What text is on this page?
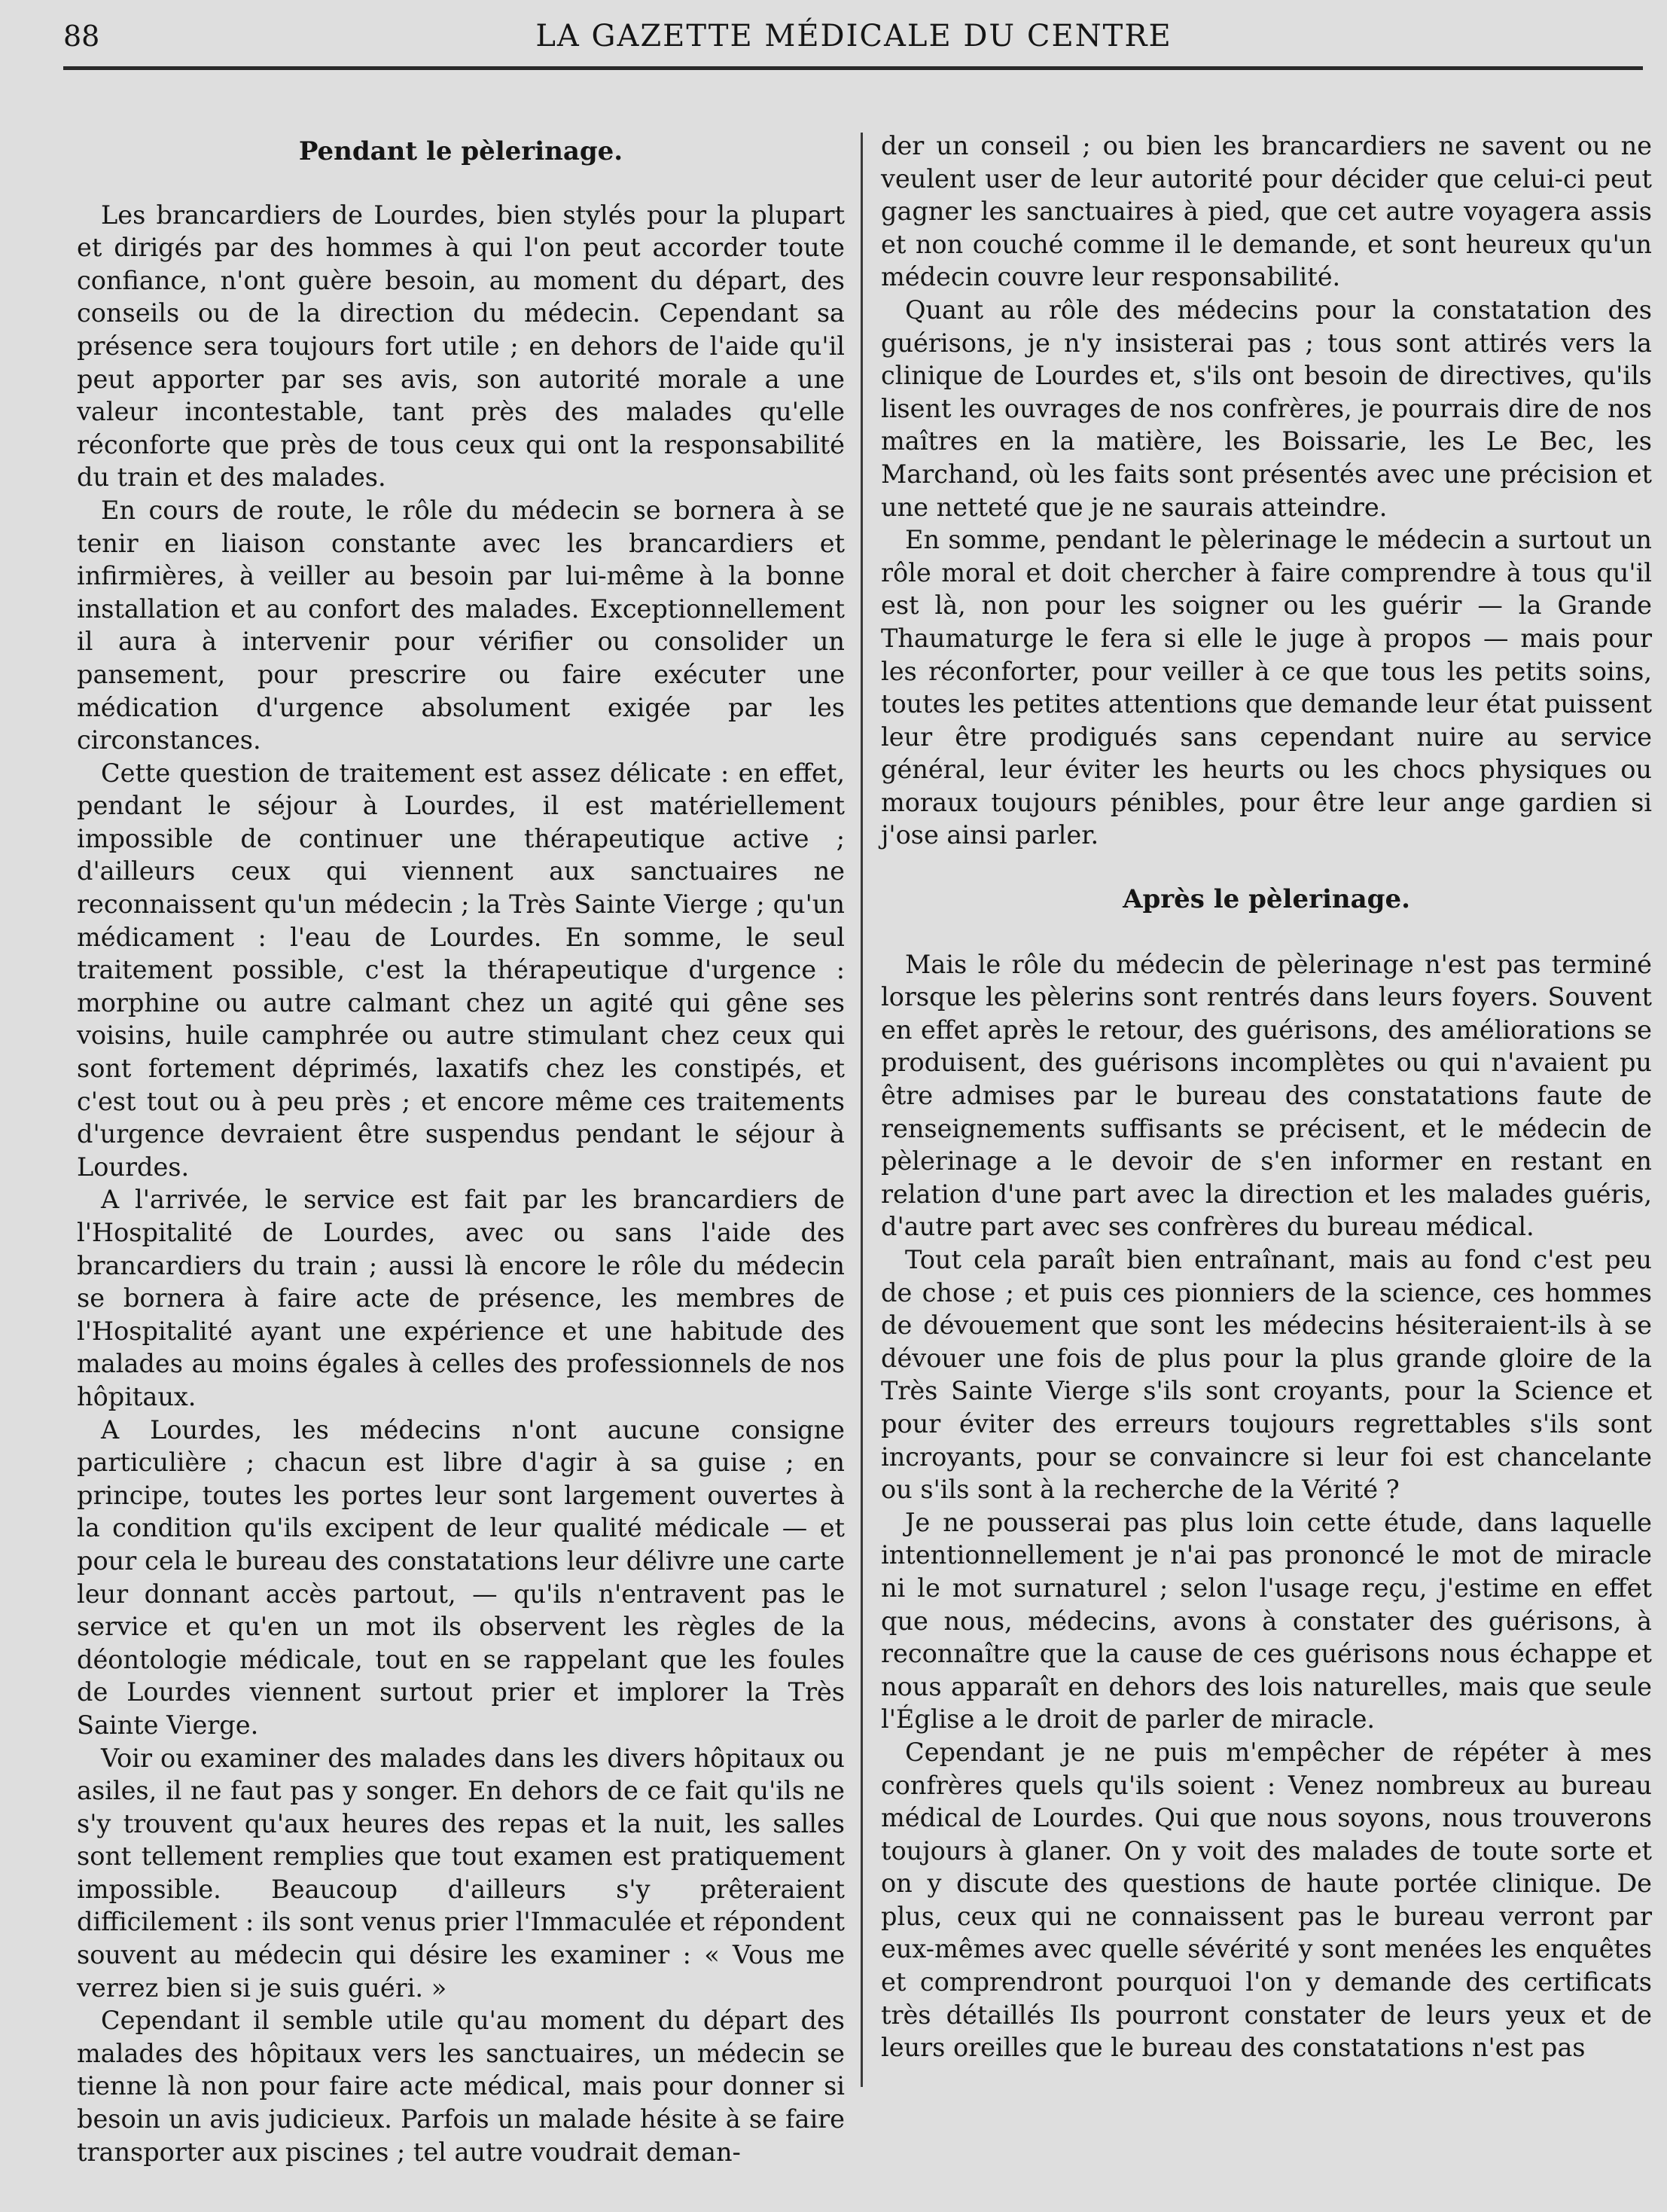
88	LA GAZETTE MÉDICALE DU CENTRE
Pendant le pèlerinage.

Les brancardiers de Lourdes, bien stylés pour la plupart et dirigés par des hommes à qui l'on peut accorder toute confiance, n'ont guère besoin, au moment du départ, des conseils ou de la direction du médecin. Cependant sa présence sera toujours fort utile ; en dehors de l'aide qu'il peut apporter par ses avis, son autorité morale a une valeur incontestable, tant près des malades qu'elle réconforte que près de tous ceux qui ont la responsabilité du train et des malades.

En cours de route, le rôle du médecin se bornera à se tenir en liaison constante avec les brancardiers et infirmières, à veiller au besoin par lui-même à la bonne installation et au confort des malades. Exceptionnellement il aura à intervenir pour vérifier ou consolider un pansement, pour prescrire ou faire exécuter une médication d'urgence absolument exigée par les circonstances.

Cette question de traitement est assez délicate : en effet, pendant le séjour à Lourdes, il est matériellement impossible de continuer une thérapeutique active ; d'ailleurs ceux qui viennent aux sanctuaires ne reconnaissent qu'un médecin ; la Très Sainte Vierge ; qu'un médicament : l'eau de Lourdes. En somme, le seul traitement possible, c'est la thérapeutique d'urgence : morphine ou autre calmant chez un agité qui gêne ses voisins, huile camphrée ou autre stimulant chez ceux qui sont fortement déprimés, laxatifs chez les constipés, et c'est tout ou à peu près ; et encore même ces traitements d'urgence devraient être suspendus pendant le séjour à Lourdes.

A l'arrivée, le service est fait par les brancardiers de l'Hospitalité de Lourdes, avec ou sans l'aide des brancardiers du train ; aussi là encore le rôle du médecin se bornera à faire acte de présence, les membres de l'Hospitalité ayant une expérience et une habitude des malades au moins égales à celles des professionnels de nos hôpitaux.

A Lourdes, les médecins n'ont aucune consigne particulière ; chacun est libre d'agir à sa guise ; en principe, toutes les portes leur sont largement ouvertes à la condition qu'ils excipent de leur qualité médicale — et pour cela le bureau des constatations leur délivre une carte leur donnant accès partout, — qu'ils n'entravent pas le service et qu'en un mot ils observent les règles de la déontologie médicale, tout en se rappelant que les foules de Lourdes viennent surtout prier et implorer la Très Sainte Vierge.

Voir ou examiner des malades dans les divers hôpitaux ou asiles, il ne faut pas y songer. En dehors de ce fait qu'ils ne s'y trouvent qu'aux heures des repas et la nuit, les salles sont tellement remplies que tout examen est pratiquement impossible. Beaucoup d'ailleurs s'y prêteraient difficilement : ils sont venus prier l'Immaculée et répondent souvent au médecin qui désire les examiner : « Vous me verrez bien si je suis guéri. »

Cependant il semble utile qu'au moment du départ des malades des hôpitaux vers les sanctuaires, un médecin se tienne là non pour faire acte médical, mais pour donner si besoin un avis judicieux. Parfois un malade hésite à se faire transporter aux piscines ; tel autre voudrait deman-

der un conseil ; ou bien les brancardiers ne savent ou ne veulent user de leur autorité pour décider que celui-ci peut gagner les sanctuaires à pied, que cet autre voyagera assis et non couché comme il le demande, et sont heureux qu'un médecin couvre leur responsabilité.

Quant au rôle des médecins pour la constatation des guérisons, je n'y insisterai pas ; tous sont attirés vers la clinique de Lourdes et, s'ils ont besoin de directives, qu'ils lisent les ouvrages de nos confrères, je pourrais dire de nos maîtres en la matière, les Boissarie, les Le Bec, les Marchand, où les faits sont présentés avec une précision et une netteté que je ne saurais atteindre.

En somme, pendant le pèlerinage le médecin a surtout un rôle moral et doit chercher à faire comprendre à tous qu'il est là, non pour les soigner ou les guérir — la Grande Thaumaturge le fera si elle le juge à propos — mais pour les réconforter, pour veiller à ce que tous les petits soins, toutes les petites attentions que demande leur état puissent leur être prodigués sans cependant nuire au service général, leur éviter les heurts ou les chocs physiques ou moraux toujours pénibles, pour être leur ange gardien si j'ose ainsi parler.

Après le pèlerinage.

Mais le rôle du médecin de pèlerinage n'est pas terminé lorsque les pèlerins sont rentrés dans leurs foyers. Souvent en effet après le retour, des guérisons, des améliorations se produisent, des guérisons incomplètes ou qui n'avaient pu être admises par le bureau des constatations faute de renseignements suffisants se précisent, et le médecin de pèlerinage a le devoir de s'en informer en restant en relation d'une part avec la direction et les malades guéris, d'autre part avec ses confrères du bureau médical.

Tout cela paraît bien entraînant, mais au fond c'est peu de chose ; et puis ces pionniers de la science, ces hommes de dévouement que sont les médecins hésiteraient-ils à se dévouer une fois de plus pour la plus grande gloire de la Très Sainte Vierge s'ils sont croyants, pour la Science et pour éviter des erreurs toujours regrettables s'ils sont incroyants, pour se convaincre si leur foi est chancelante ou s'ils sont à la recherche de la Vérité ?

Je ne pousserai pas plus loin cette étude, dans laquelle intentionnellement je n'ai pas prononcé le mot de miracle ni le mot surnaturel ; selon l'usage reçu, j'estime en effet que nous, médecins, avons à constater des guérisons, à reconnaître que la cause de ces guérisons nous échappe et nous apparaît en dehors des lois naturelles, mais que seule l'Église a le droit de parler de miracle.

Cependant je ne puis m'empêcher de répéter à mes confrères quels qu'ils soient : Venez nombreux au bureau médical de Lourdes. Qui que nous soyons, nous trouverons toujours à glaner. On y voit des malades de toute sorte et on y discute des questions de haute portée clinique. De plus, ceux qui ne connaissent pas le bureau verront par eux-mêmes avec quelle sévérité y sont menées les enquêtes et comprendront pourquoi l'on y demande des certificats très détaillés Ils pourront constater de leurs yeux et de leurs oreilles que le bureau des constatations n'est pas
